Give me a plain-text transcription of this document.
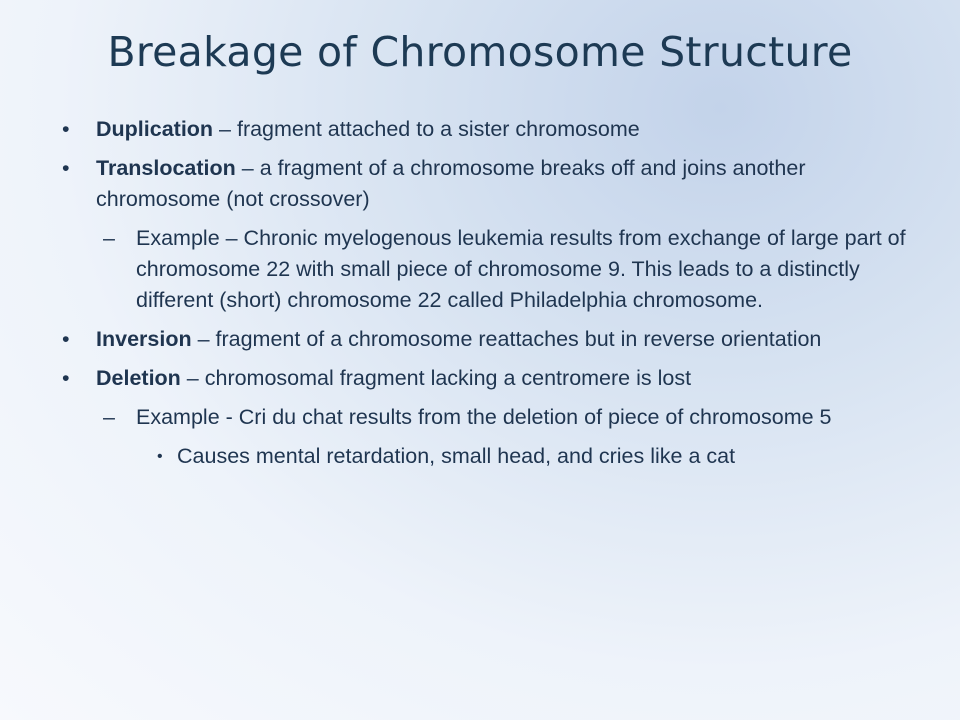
Breakage of Chromosome Structure
• Duplication – fragment attached to a sister chromosome
• Translocation – a fragment of a chromosome breaks off and joins another chromosome (not crossover)
– Example – Chronic myelogenous leukemia results from exchange of large part of chromosome 22 with small piece of chromosome 9. This leads to a distinctly different (short) chromosome 22 called Philadelphia chromosome.
• Inversion – fragment of a chromosome reattaches but in reverse orientation
• Deletion – chromosomal fragment lacking a centromere is lost
– Example - Cri du chat results from the deletion of piece of chromosome 5
• Causes mental retardation, small head, and cries like a cat
